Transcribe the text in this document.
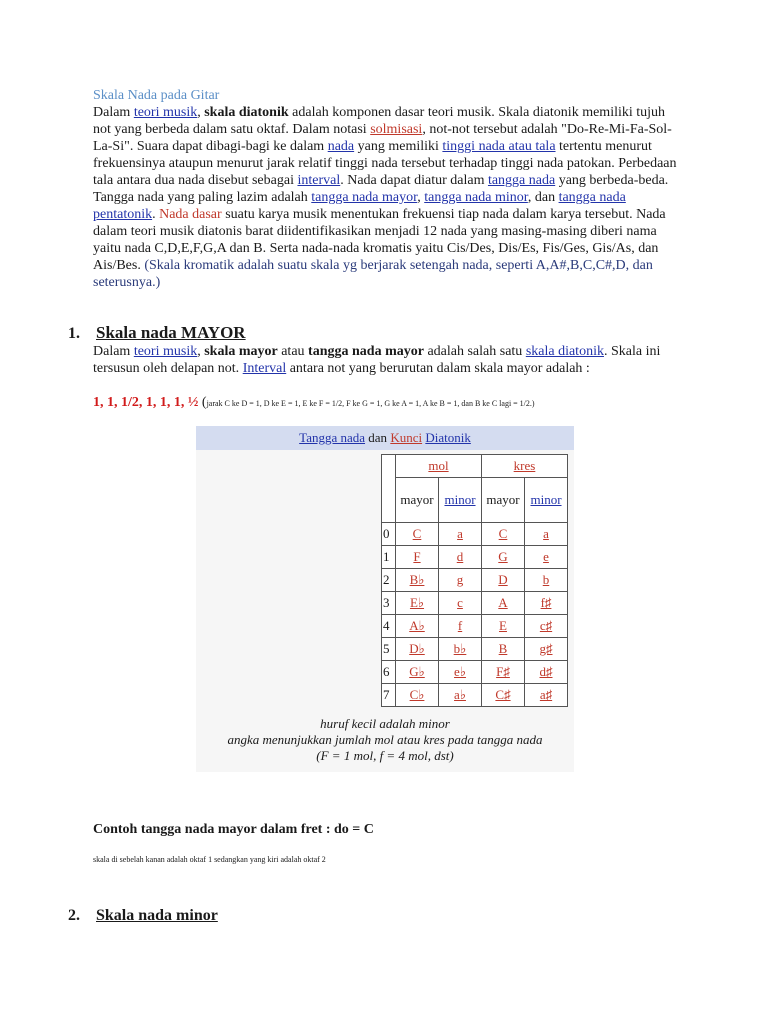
Skala Nada pada Gitar
Dalam teori musik, skala diatonik adalah komponen dasar teori musik. Skala diatonik memiliki tujuh not yang berbeda dalam satu oktaf. Dalam notasi solmisasi, not-not tersebut adalah "Do-Re-Mi-Fa-Sol-La-Si". Suara dapat dibagi-bagi ke dalam nada yang memiliki tinggi nada atau tala tertentu menurut frekuensinya ataupun menurut jarak relatif tinggi nada tersebut terhadap tinggi nada patokan. Perbedaan tala antara dua nada disebut sebagai interval. Nada dapat diatur dalam tangga nada yang berbeda-beda. Tangga nada yang paling lazim adalah tangga nada mayor, tangga nada minor, dan tangga nada pentatonik. Nada dasar suatu karya musik menentukan frekuensi tiap nada dalam karya tersebut. Nada dalam teori musik diatonis barat diidentifikasikan menjadi 12 nada yang masing-masing diberi nama yaitu nada C,D,E,F,G,A dan B. Serta nada-nada kromatis yaitu Cis/Des, Dis/Es, Fis/Ges, Gis/As, dan Ais/Bes. (Skala kromatik adalah suatu skala yg berjarak setengah nada, seperti A,A#,B,C,C#,D, dan seterusnya.)
1. Skala nada MAYOR
Dalam teori musik, skala mayor atau tangga nada mayor adalah salah satu skala diatonik. Skala ini tersusun oleh delapan not. Interval antara not yang berurutan dalam skala mayor adalah :
1, 1, 1/2, 1, 1, 1, ½ (jarak C ke D = 1, D ke E = 1, E ke F = 1/2, F ke G = 1, G ke A = 1, A ke B = 1, dan B ke C lagi = 1/2.)
Tangga nada dan Kunci Diatonik
	mol		kres	
	mayor	minor	mayor	minor
0	C	a	C	a
1	F	d	G	e
2	B♭	g	D	b
3	E♭	c	A	f♯
4	A♭	f	E	c♯
5	D♭	b♭	B	g♯
6	G♭	e♭	F♯	d♯
7	C♭	a♭	C♯	a♯
huruf kecil adalah minor
angka menunjukkan jumlah mol atau kres pada tangga nada
(F = 1 mol, f = 4 mol, dst)
Contoh tangga nada mayor dalam fret : do = C
skala di sebelah kanan adalah oktaf 1 sedangkan yang kiri adalah oktaf 2
2. Skala nada minor
